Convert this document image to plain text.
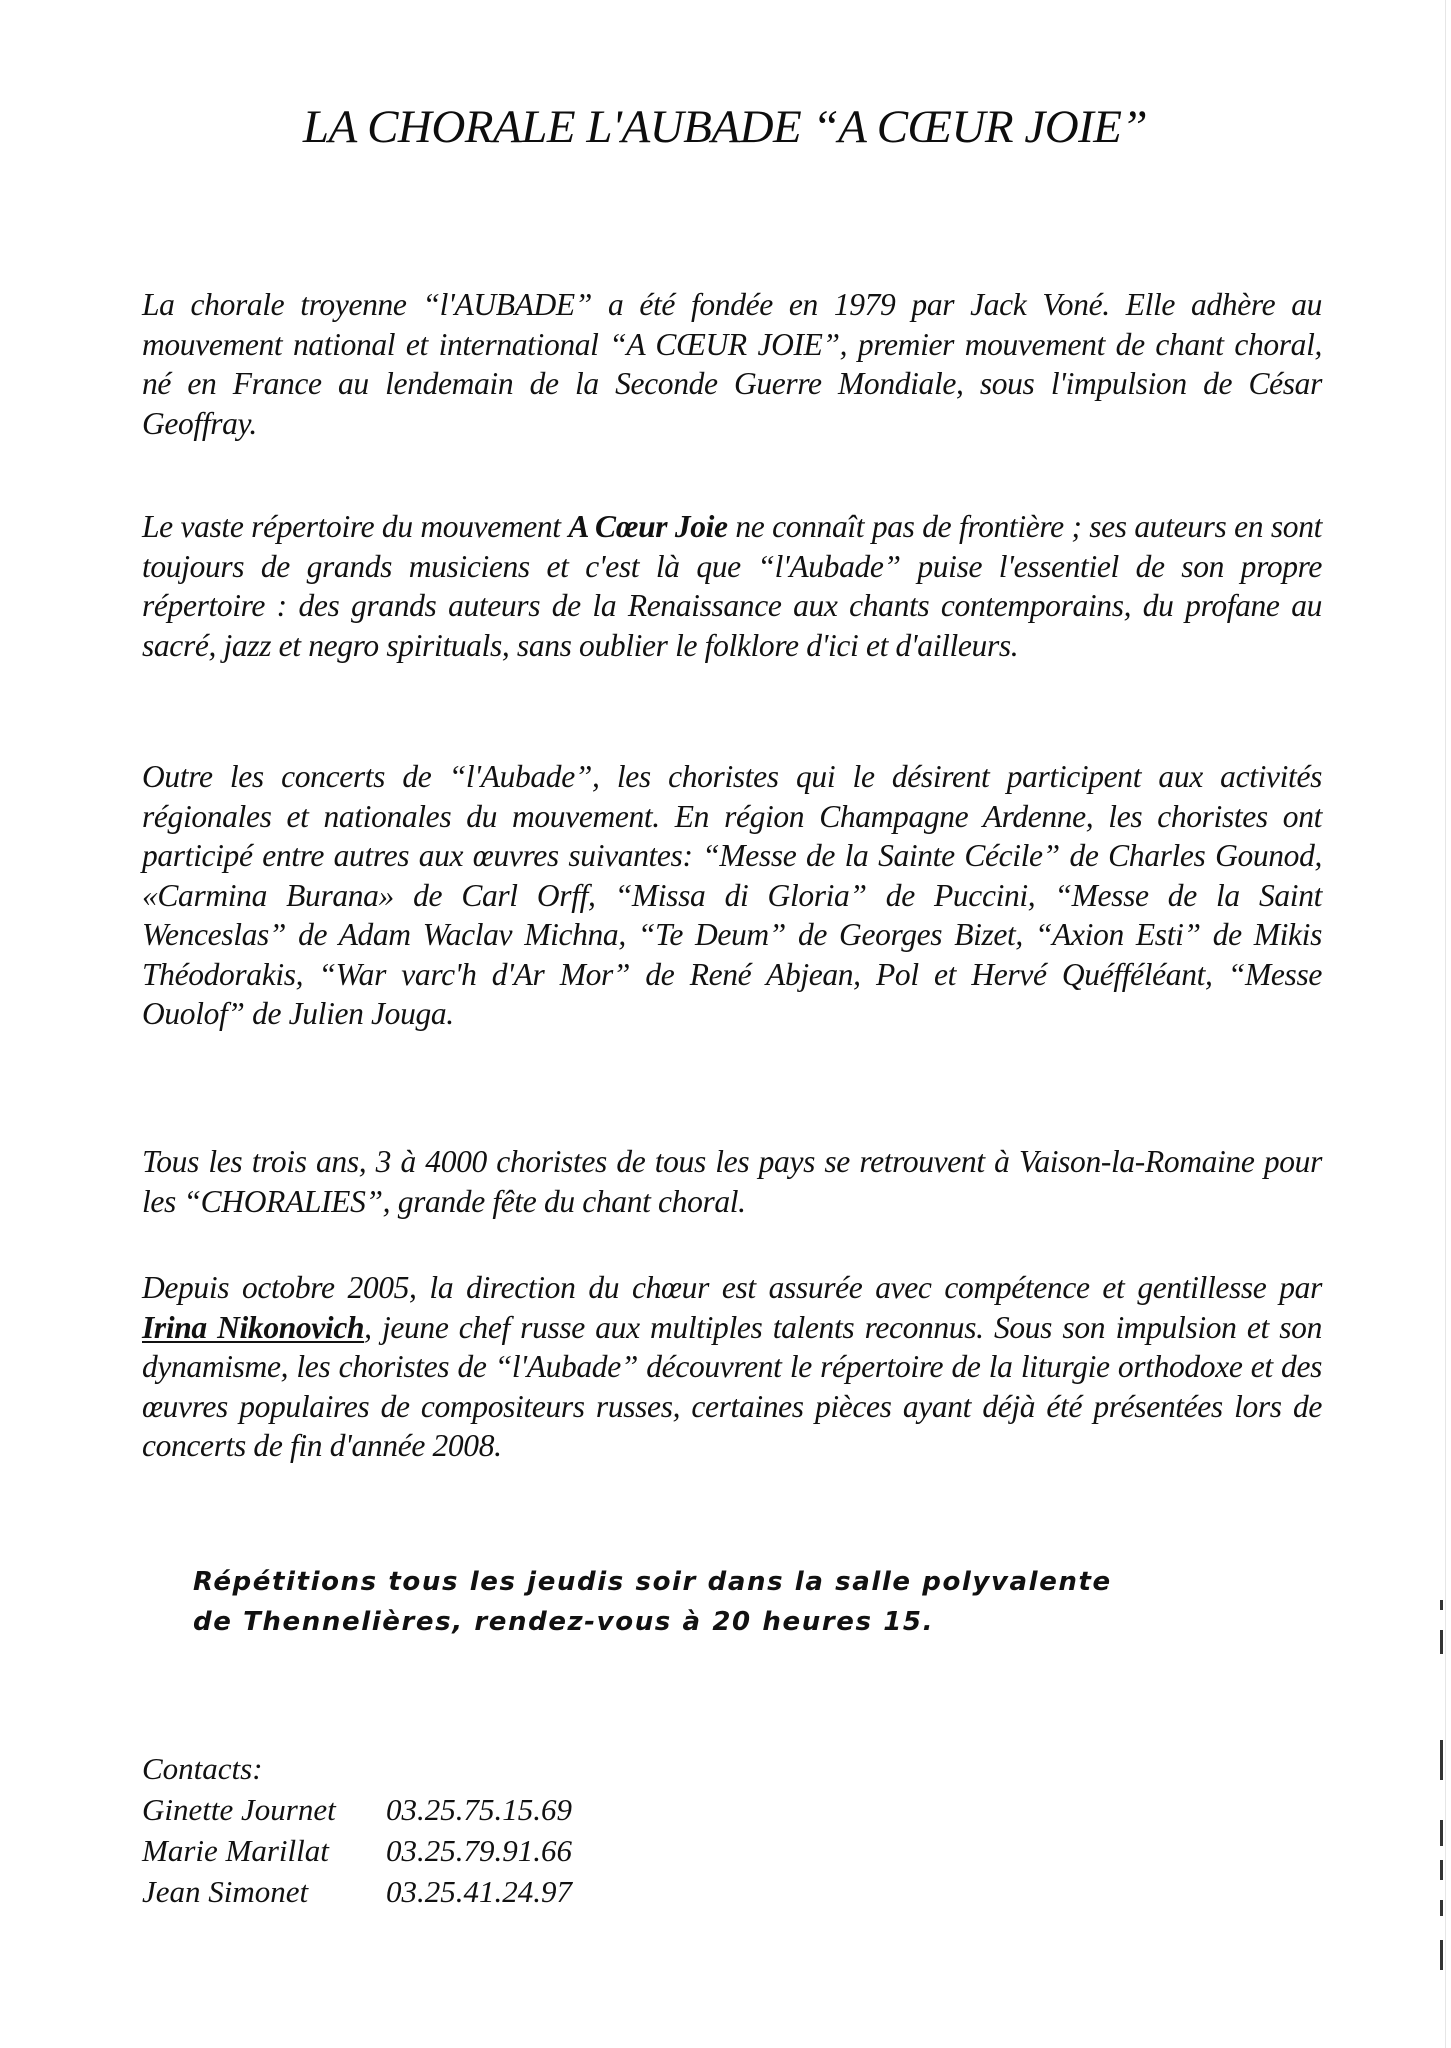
LA CHORALE L'AUBADE “A CŒUR JOIE”

La chorale troyenne “l'AUBADE” a été fondée en 1979 par Jack Voné. Elle adhère au mouvement national et international “A CŒUR JOIE”, premier mouvement de chant choral, né en France au lendemain de la Seconde Guerre Mondiale, sous l'impulsion de César Geoffray.

Le vaste répertoire du mouvement A Cœur Joie ne connaît pas de frontière ; ses auteurs en sont toujours de grands musiciens et c'est là que “l'Aubade” puise l'essentiel de son propre répertoire : des grands auteurs de la Renaissance aux chants contemporains, du profane au sacré, jazz et negro spirituals, sans oublier le folklore d'ici et d'ailleurs.

Outre les concerts de “l'Aubade”, les choristes qui le désirent participent aux activités régionales et nationales du mouvement. En région Champagne Ardenne, les choristes ont participé entre autres aux œuvres suivantes: “Messe de la Sainte Cécile” de Charles Gounod, «Carmina Burana» de Carl Orff, “Missa di Gloria” de Puccini, “Messe de la Saint Wenceslas” de Adam Waclav Michna, “Te Deum” de Georges Bizet, “Axion Esti” de Mikis Théodorakis, “War varc'h d'Ar Mor” de René Abjean, Pol et Hervé Quéfféléant, “Messe Ouolof” de Julien Jouga.

Tous les trois ans, 3 à 4000 choristes de tous les pays se retrouvent à Vaison-la-Romaine pour les “CHORALIES”, grande fête du chant choral.

Depuis octobre 2005, la direction du chœur est assurée avec compétence et gentillesse par Irina Nikonovich, jeune chef russe aux multiples talents reconnus. Sous son impulsion et son dynamisme, les choristes de “l'Aubade” découvrent le répertoire de la liturgie orthodoxe et des œuvres populaires de compositeurs russes, certaines pièces ayant déjà été présentées lors de concerts de fin d'année 2008.

Répétitions tous les jeudis soir dans la salle polyvalente
de Thennelières, rendez-vous à 20 heures 15.
Contacts:
Ginette Journet	03.25.75.15.69
Marie Marillat	03.25.79.91.66
Jean Simonet	03.25.41.24.97
